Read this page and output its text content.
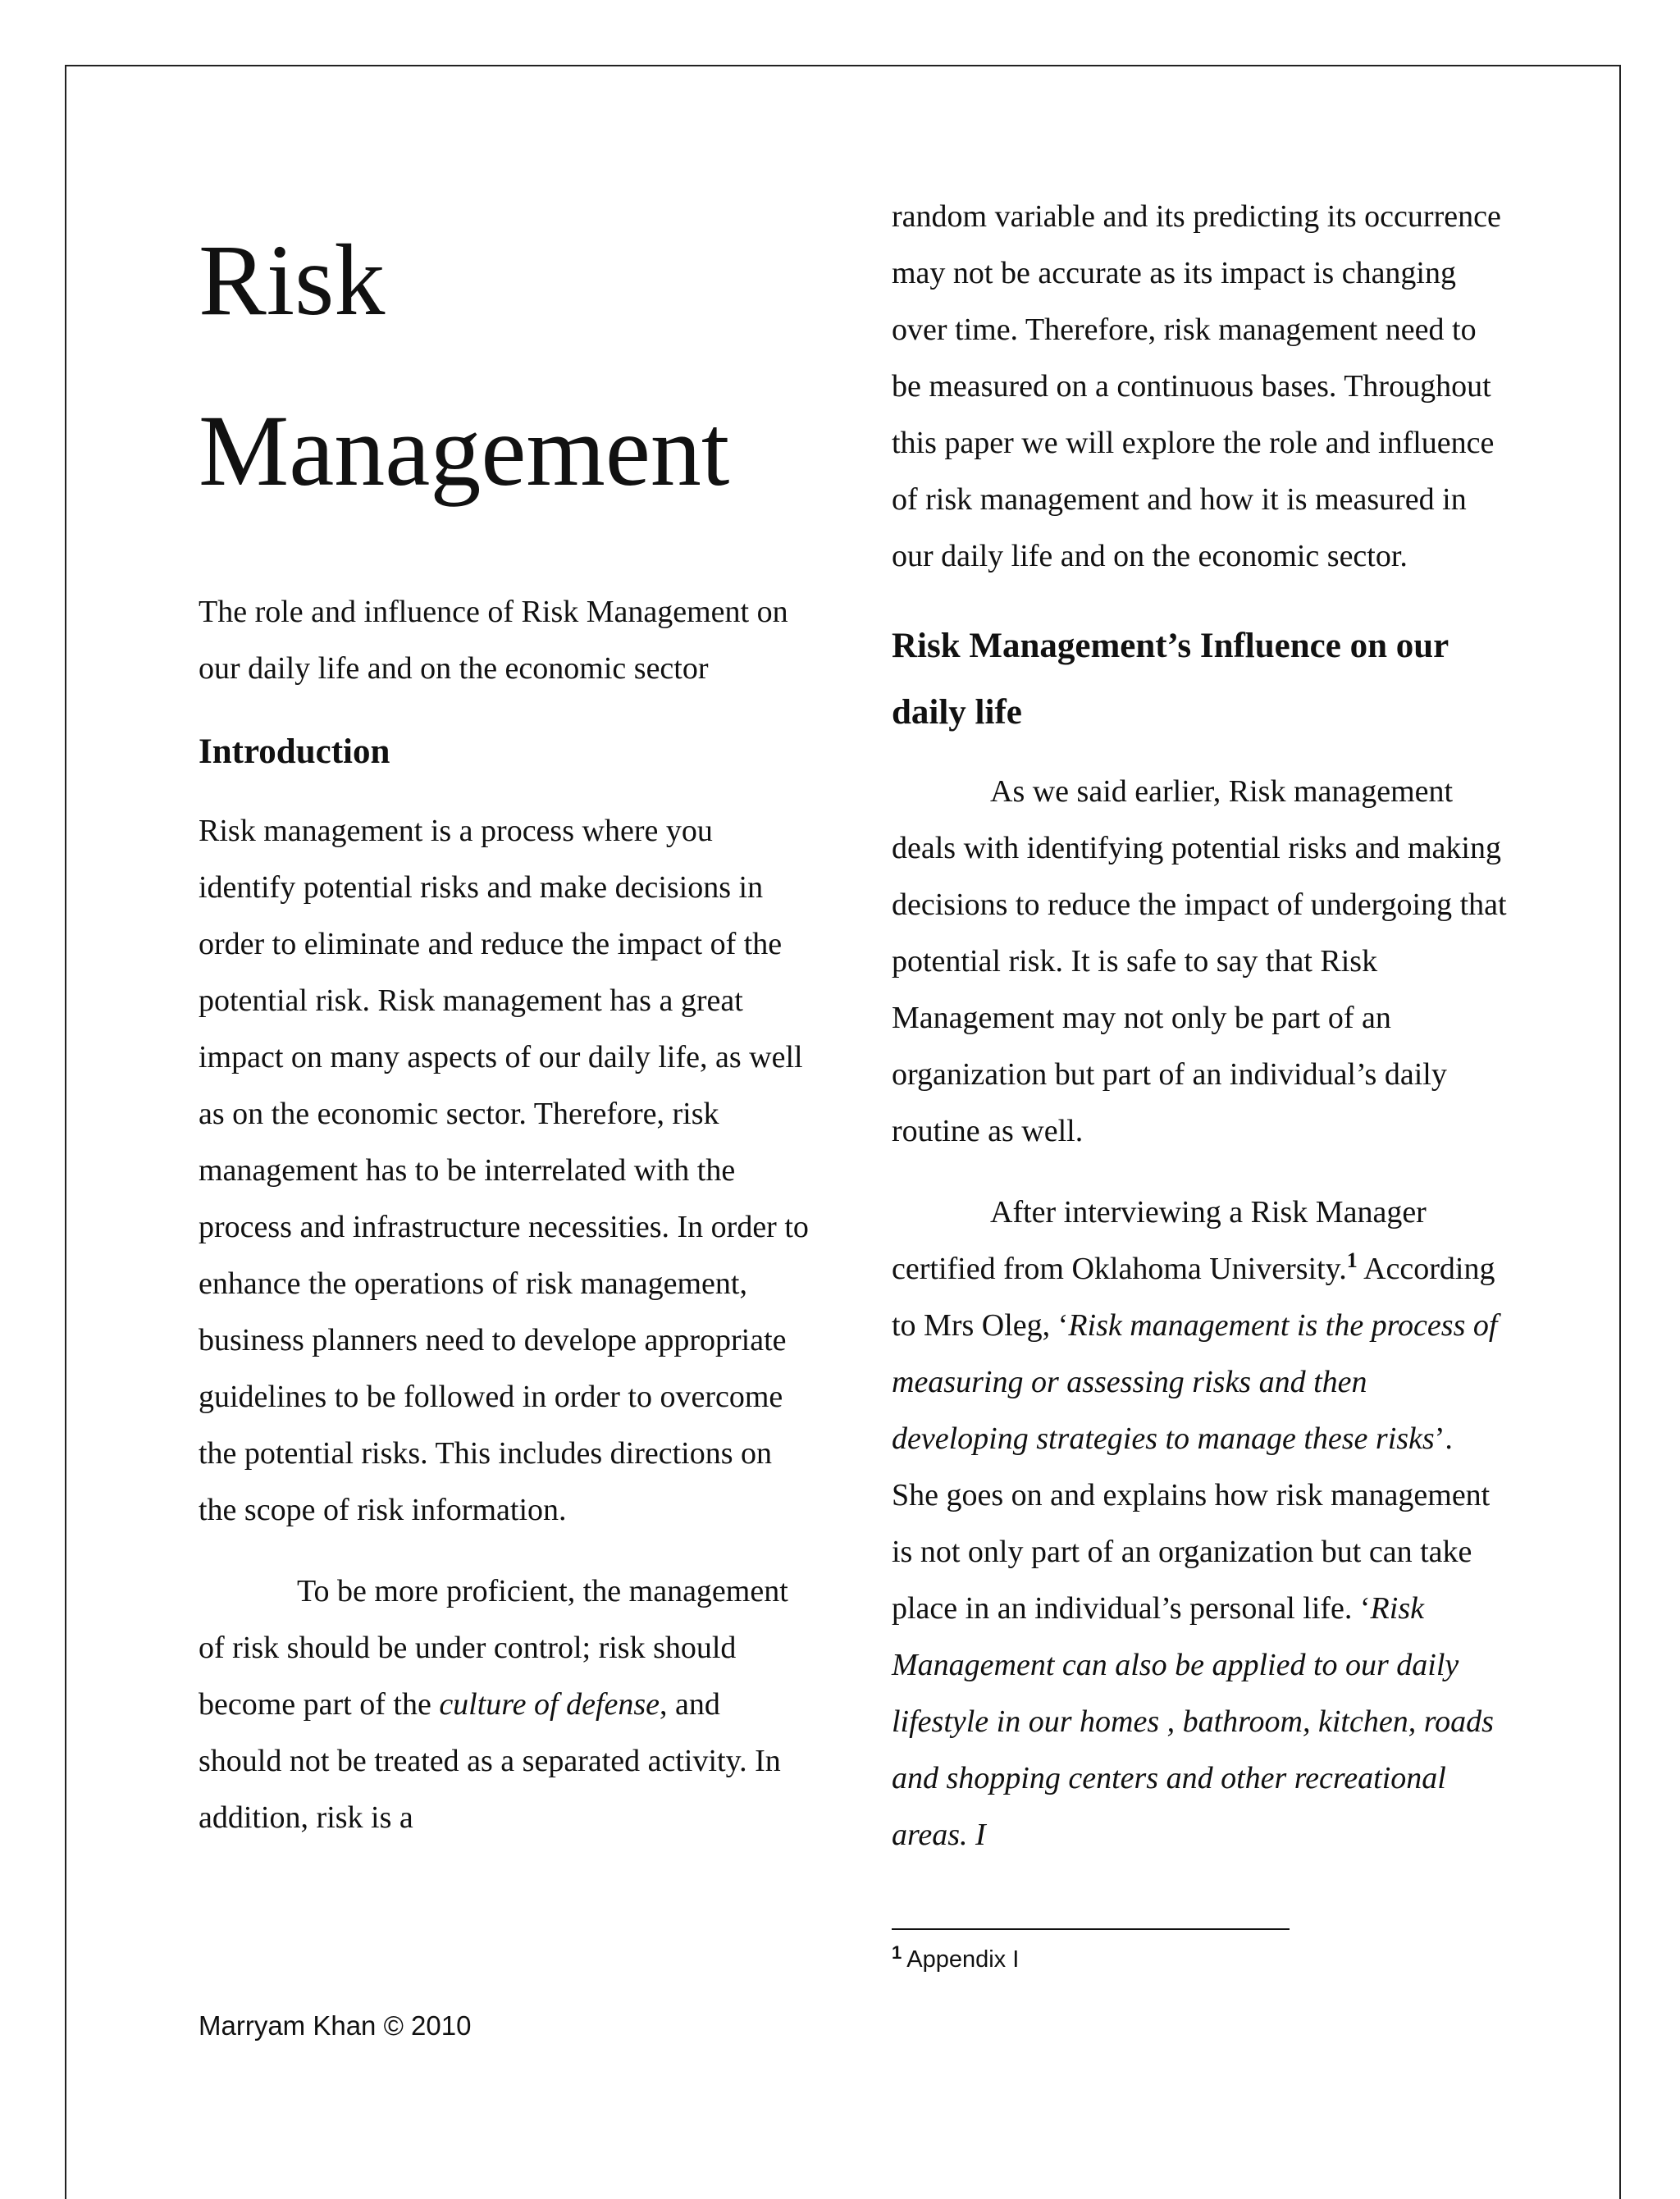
Risk
Management

The role and influence of Risk Management on our daily life and on the economic sector

Introduction

Risk management is a process where you identify potential risks and make decisions in order to eliminate and reduce the impact of the potential risk. Risk management has a great impact on many aspects of our daily life, as well as on the economic sector. Therefore, risk management has to be interrelated with the process and infrastructure necessities. In order to enhance the operations of risk management, business planners need to develope appropriate guidelines to be followed in order to overcome the potential risks. This includes directions on the scope of risk information.

To be more proficient, the management of risk should be under control; risk should become part of the culture of defense, and should not be treated as a separated activity. In addition, risk is a

random variable and its predicting its occurrence may not be accurate as its impact is changing over time. Therefore, risk management need to be measured on a continuous bases. Throughout this paper we will explore the role and influence of risk management and how it is measured in our daily life and on the economic sector.

Risk Management’s Influence on our daily life

As we said earlier, Risk management deals with identifying potential risks and making decisions to reduce the impact of undergoing that potential risk. It is safe to say that Risk Management may not only be part of an organization but part of an individual’s daily routine as well.

After interviewing a Risk Manager certified from Oklahoma University.$^1$ According to Mrs Oleg, ‘Risk management is the process of measuring or assessing risks and then developing strategies to manage these risks’. She goes on and explains how risk management is not only part of an organization but can take place in an individual’s personal life. ‘Risk Management can also be applied to our daily lifestyle in our homes , bathroom, kitchen, roads and shopping centers and other recreational areas. I

$^1$ Appendix I
Marryam Khan © 2010
